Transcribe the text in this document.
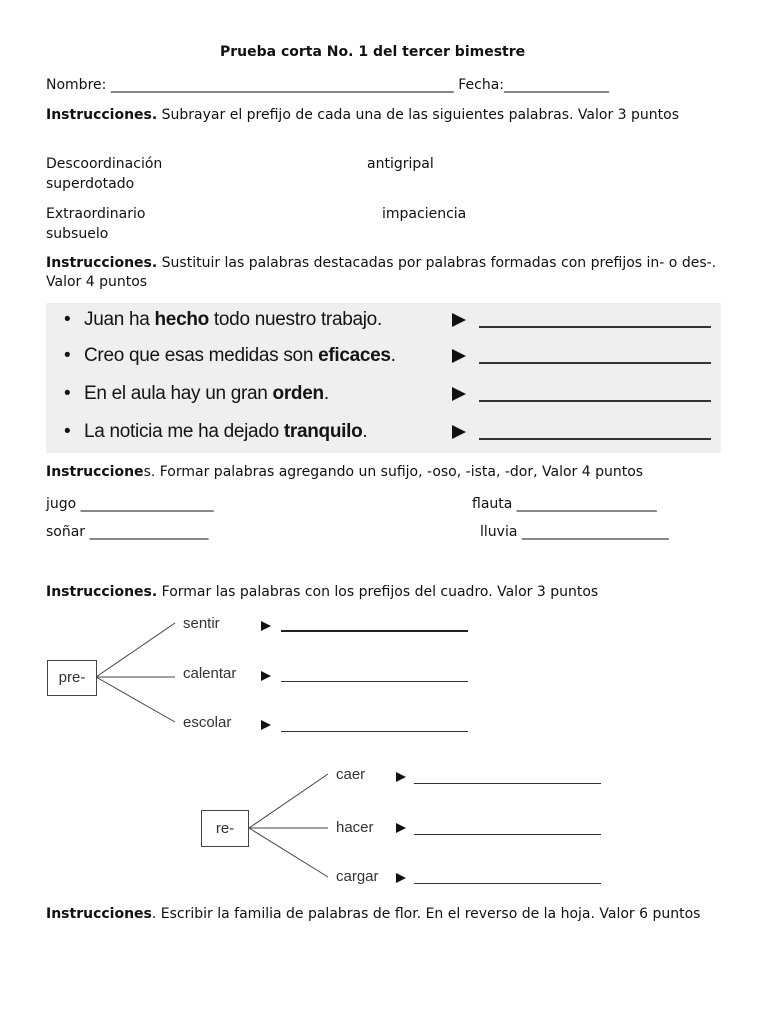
Prueba corta No. 1 del tercer bimestre
Nombre: _________________________________________________ Fecha:_______________
Instrucciones. Subrayar el prefijo de cada una de las siguientes palabras. Valor 3 puntos
Descoordinación	antigripal
superdotado
Extraordinario	impaciencia
subsuelo
Instrucciones. Sustituir las palabras destacadas por palabras formadas con prefijos in- o des-. Valor 4 puntos
• Juan ha hecho todo nuestro trabajo.
• Creo que esas medidas son eficaces.
• En el aula hay un gran orden.
• La noticia me ha dejado tranquilo.
Instrucciones. Formar palabras agregando un sufijo, -oso, -ista, -dor, Valor 4 puntos
jugo ___________________	flauta ____________________
soñar _________________	lluvia _____________________
Instrucciones. Formar las palabras con los prefijos del cuadro. Valor 3 puntos
pre-
sentir
calentar
escolar
re-
caer
hacer
cargar
Instrucciones. Escribir la familia de palabras de flor. En el reverso de la hoja. Valor 6 puntos
